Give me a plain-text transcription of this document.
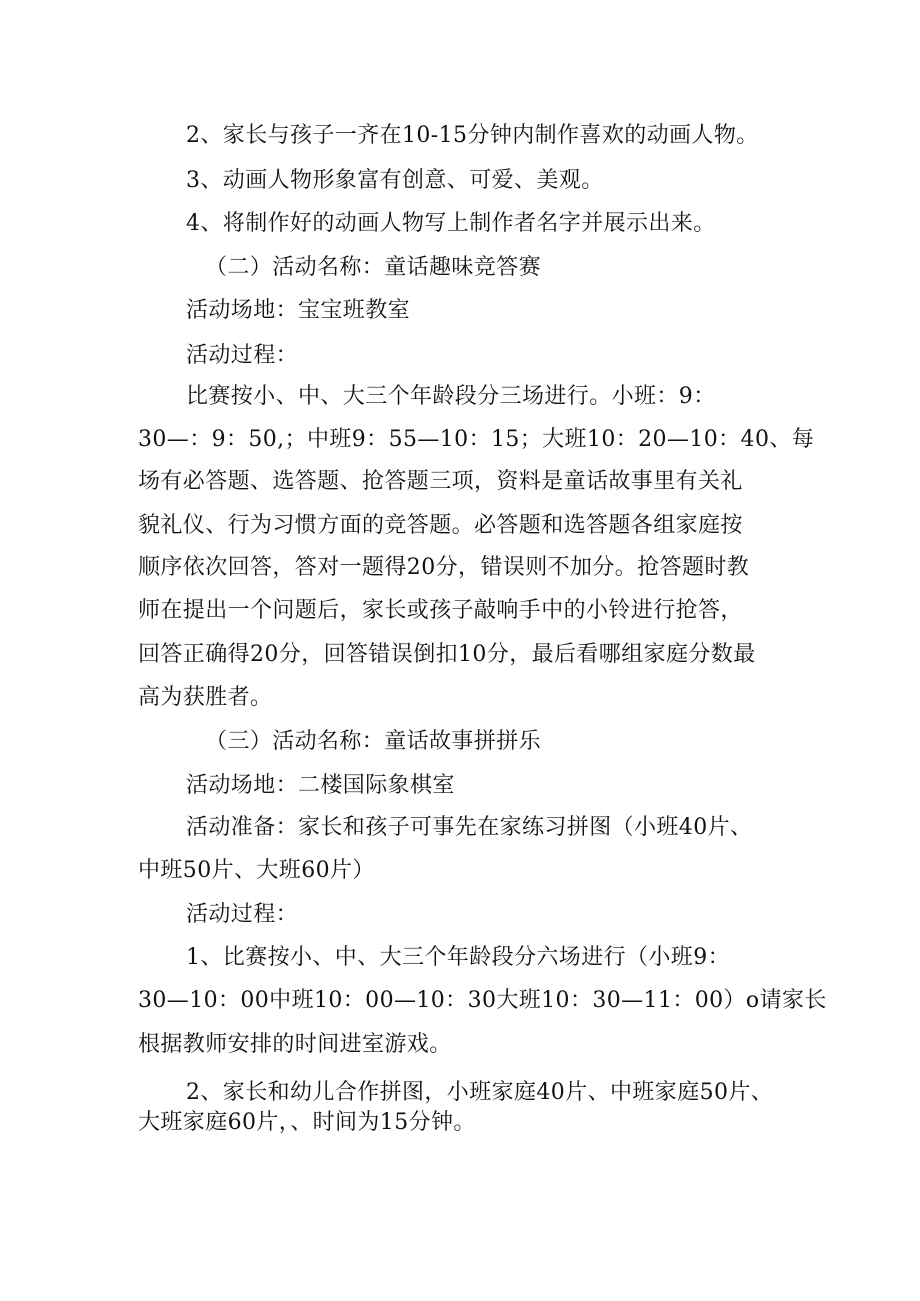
2、家长与孩子一齐在10-15分钟内制作喜欢的动画人物。
3、动画人物形象富有创意、可爱、美观。
4、将制作好的动画人物写上制作者名字并展示出来。
（二）活动名称：童话趣味竞答赛
活动场地：宝宝班教室
活动过程：
比赛按小、中、大三个年龄段分三场进行。小班：9：
30—：9：50,；中班9：55—10：15；大班10：20—10：40、每
场有必答题、选答题、抢答题三项，资料是童话故事里有关礼
貌礼仪、行为习惯方面的竞答题。必答题和选答题各组家庭按
顺序依次回答，答对一题得20分，错误则不加分。抢答题时教
师在提出一个问题后，家长或孩子敲响手中的小铃进行抢答，
回答正确得20分，回答错误倒扣10分，最后看哪组家庭分数最
高为获胜者。
（三）活动名称：童话故事拼拼乐
活动场地：二楼国际象棋室
活动准备：家长和孩子可事先在家练习拼图（小班40片、
中班50片、大班60片）
活动过程：
1、比赛按小、中、大三个年龄段分六场进行（小班9：
30—10：00中班10：00—10：30大班10：30—11：00）o请家长
根据教师安排的时间进室游戏。
2、家长和幼儿合作拼图，小班家庭40片、中班家庭50片、
大班家庭60片，、时间为15分钟。
